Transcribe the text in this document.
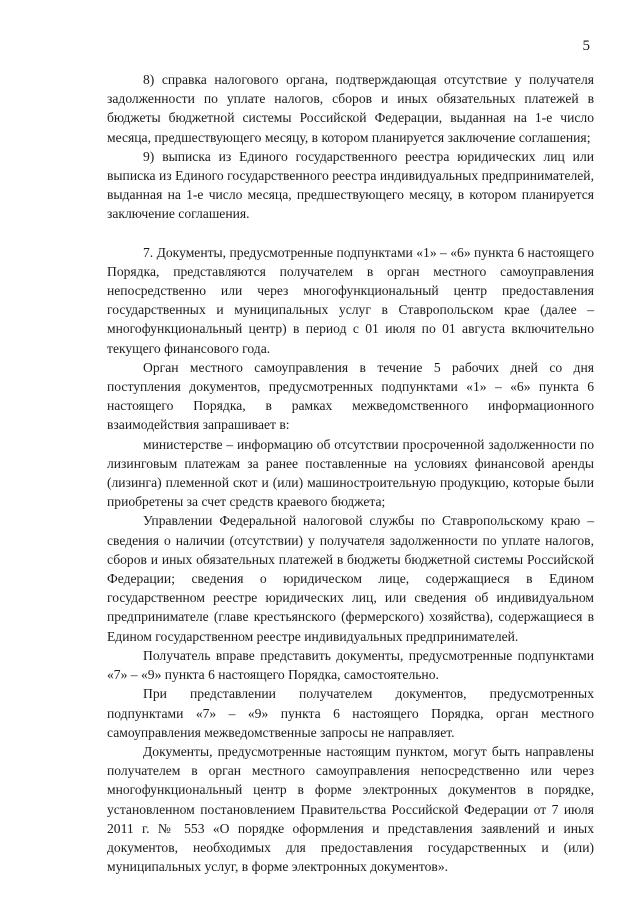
5

8) справка налогового органа, подтверждающая отсутствие у получателя задолженности по уплате налогов, сборов и иных обязательных платежей в бюджеты бюджетной системы Российской Федерации, выданная на 1-е число месяца, предшествующего месяцу, в котором планируется заключение соглашения;

9) выписка из Единого государственного реестра юридических лиц или выписка из Единого государственного реестра индивидуальных предпринимателей, выданная на 1-е число месяца, предшествующего месяцу, в котором планируется заключение соглашения.

7. Документы, предусмотренные подпунктами «1» – «6» пункта 6 настоящего Порядка, представляются получателем в орган местного самоуправления непосредственно или через многофункциональный центр предоставления государственных и муниципальных услуг в Ставропольском крае (далее – многофункциональный центр) в период с 01 июля по 01 августа включительно текущего финансового года.

Орган местного самоуправления в течение 5 рабочих дней со дня поступления документов, предусмотренных подпунктами «1» – «6» пункта 6 настоящего Порядка, в рамках межведомственного информационного взаимодействия запрашивает в:

министерстве – информацию об отсутствии просроченной задолженности по лизинговым платежам за ранее поставленные на условиях финансовой аренды (лизинга) племенной скот и (или) машиностроительную продукцию, которые были приобретены за счет средств краевого бюджета;

Управлении Федеральной налоговой службы по Ставропольскому краю – сведения о наличии (отсутствии) у получателя задолженности по уплате налогов, сборов и иных обязательных платежей в бюджеты бюджетной системы Российской Федерации; сведения о юридическом лице, содержащиеся в Едином государственном реестре юридических лиц, или сведения об индивидуальном предпринимателе (главе крестьянского (фермерского) хозяйства), содержащиеся в Едином государственном реестре индивидуальных предпринимателей.

Получатель вправе представить документы, предусмотренные подпунктами «7» – «9» пункта 6 настоящего Порядка, самостоятельно.

При представлении получателем документов, предусмотренных подпунктами «7» – «9» пункта 6 настоящего Порядка, орган местного самоуправления межведомственные запросы не направляет.

Документы, предусмотренные настоящим пунктом, могут быть направлены получателем в орган местного самоуправления непосредственно или через многофункциональный центр в форме электронных документов в порядке, установленном постановлением Правительства Российской Федерации от 7 июля 2011 г. № 553 «О порядке оформления и представления заявлений и иных документов, необходимых для предоставления государственных и (или) муниципальных услуг, в форме электронных документов».
